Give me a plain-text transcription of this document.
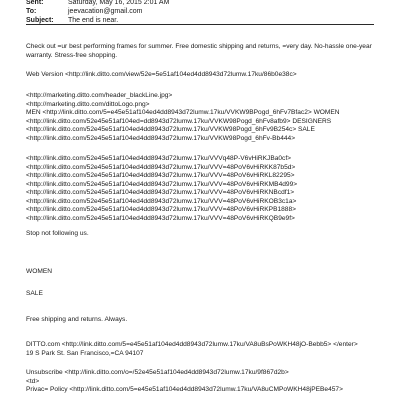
Sent:	Saturday, May 16, 2015 2:01 AM
To:	jeevacation@gmail.com
Subject: The end is near.
Check out =ur best performing frames for summer. Free domestic shipping and returns, =very day. No-hassle one-year warranty. Stress-free shopping.
Web Version <http://link.ditto.com/view/52e=5e51af104ed4dd8943d72lumw.17ku/86b0e38c>
<http://marketing.ditto.com/header_blackLine.jpg>
<http://marketing.ditto.com/dittoLogo.png>
MEN <http://link.ditto.com/5=e45e51af104ed4dd8943d72lumw.17ku/VVKW9BPogd_6hFv7Bfac2> WOMEN
<http://link.ditto.com/52e45e51af104ed=dd8943d72lumw.17ku/VVKW98Pogd_6hFv8afb9> DESIGNERS
<http://link.ditto.com/52e45e51af104ed4dd8943d72lumw.17ku/VVKW98Pogd_6hFv9B254c> SALE
<http://link.ditto.com/52e45e51af104ed4dd8943d72lumw.17ku/VVKW98Pogd_6hFv-Bb444>
<http://link.ditto.com/52e45e51af104ed4dd8943d72lumw.17ku/VVVq48P-V6vHiRKJBa0cf>
<http://link.ditto.com/52e45e51af104ed4dd8943d72lumw.17ku/VVV=48PoV6vHiRKK87b5d>
<http://link.ditto.com/52e45e51af104ed4dd8943d72lumw.17ku/VVV=48PoV6vHiRKL82295>
<http://link.ditto.com/52e45e51af104ed4dd8943d72lumw.17ku/VVV=48PoV6vHiRKMB4d99>
<http://link.ditto.com/52e45e51af104ed4dd8943d72lumw.17ku/VVV=48PoV6vHiRKNBcdf1>
<http://link.ditto.com/52e45e51af104ed4dd8943d72lumw.17ku/VVV=48PoV6vHiRKOB3c1a>
<http://link.ditto.com/52e45e51af104ed4dd8943d72lumw.17ku/VVV=48PoV6vHiRKPB1888>
<http://link.ditto.com/52e45e51af104ed4dd8943d72lumw.17ku/VVV=48PoV6vHiRKQB9e9f>
Stop not following us.
WOMEN
SALE
Free shipping and returns. Always.
DITTO.com <http://link.ditto.com/5=e45e51af104ed4dd8943d72lumw.17ku/VA8uBsPoWKH48jO-Bebb5> </enter>
19 S Park St. San Francisco,=CA 94107
Unsubscribe <http://link.ditto.com/o=/52e45e51af104ed4dd8943d72lumw.17ku/9f867d2b>
<td>
Privac= Policy <http://link.ditto.com/5=e45e51af104ed4dd8943d72lumw.17ku/VA8uCMPoWKH48jPEBe457>
